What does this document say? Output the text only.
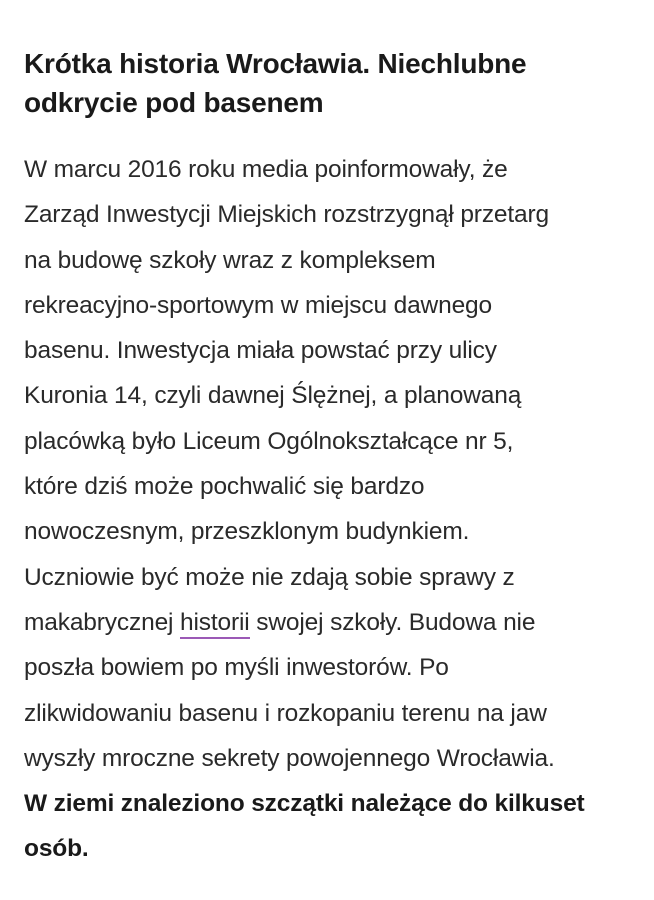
Krótka historia Wrocławia. Niechlubne
odkrycie pod basenem

W marcu 2016 roku media poinformowały, że
Zarząd Inwestycji Miejskich rozstrzygnął przetarg
na budowę szkoły wraz z kompleksem
rekreacyjno-sportowym w miejscu dawnego
basenu. Inwestycja miała powstać przy ulicy
Kuronia 14, czyli dawnej Ślężnej, a planowaną
placówką było Liceum Ogólnokształcące nr 5,
które dziś może pochwalić się bardzo
nowoczesnym, przeszklonym budynkiem.
Uczniowie być może nie zdają sobie sprawy z
makabrycznej historii swojej szkoły. Budowa nie
poszła bowiem po myśli inwestorów. Po
zlikwidowaniu basenu i rozkopaniu terenu na jaw
wyszły mroczne sekrety powojennego Wrocławia.
W ziemi znaleziono szczątki należące do kilkuset
osób.
